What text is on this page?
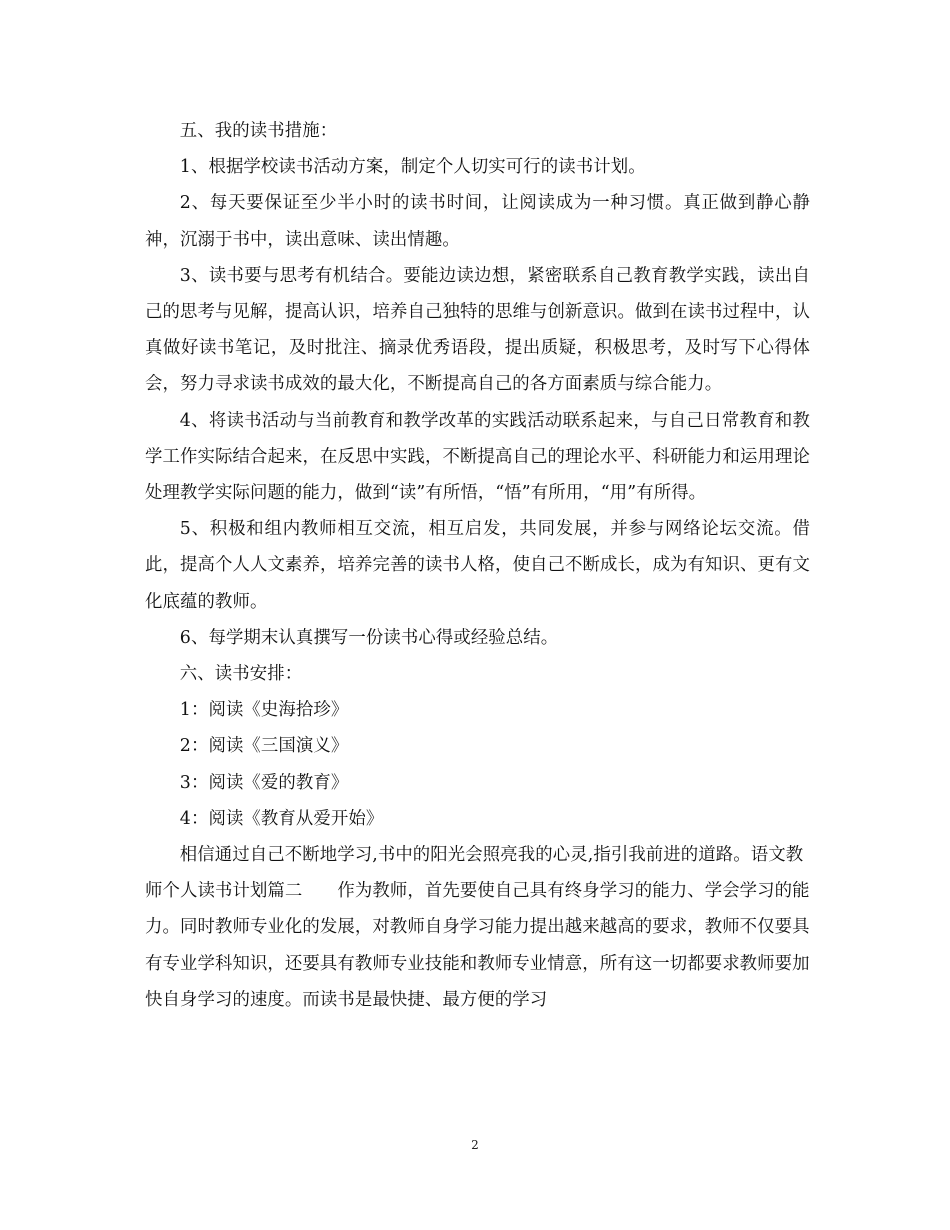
五、我的读书措施：

1、根据学校读书活动方案，制定个人切实可行的读书计划。

2、每天要保证至少半小时的读书时间，让阅读成为一种习惯。真正做到静心静神，沉溺于书中，读出意味、读出情趣。

3、读书要与思考有机结合。要能边读边想，紧密联系自己教育教学实践，读出自己的思考与见解，提高认识，培养自己独特的思维与创新意识。做到在读书过程中，认真做好读书笔记，及时批注、摘录优秀语段，提出质疑，积极思考，及时写下心得体会，努力寻求读书成效的最大化，不断提高自己的各方面素质与综合能力。

4、将读书活动与当前教育和教学改革的实践活动联系起来，与自己日常教育和教学工作实际结合起来，在反思中实践，不断提高自己的理论水平、科研能力和运用理论处理教学实际问题的能力，做到“读”有所悟，“悟”有所用，“用”有所得。

5、积极和组内教师相互交流，相互启发，共同发展，并参与网络论坛交流。借此，提高个人人文素养，培养完善的读书人格，使自己不断成长，成为有知识、更有文化底蕴的教师。

6、每学期末认真撰写一份读书心得或经验总结。

六、读书安排：

1：阅读《史海拾珍》

2：阅读《三国演义》

3：阅读《爱的教育》

4：阅读《教育从爱开始》

相信通过自己不断地学习,书中的阳光会照亮我的心灵,指引我前进的道路。语文教师个人读书计划篇二　　作为教师，首先要使自己具有终身学习的能力、学会学习的能力。同时教师专业化的发展，对教师自身学习能力提出越来越高的要求，教师不仅要具有专业学科知识，还要具有教师专业技能和教师专业情意，所有这一切都要求教师要加快自身学习的速度。而读书是最快捷、最方便的学习

2
